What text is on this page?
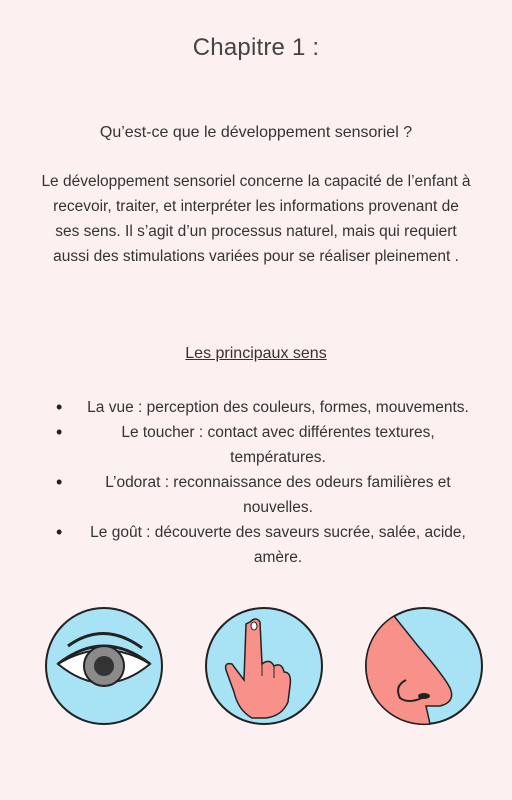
Chapitre 1 :
Qu’est-ce que le développement sensoriel ?
Le développement sensoriel concerne la capacité de l’enfant à recevoir, traiter, et interpréter les informations provenant de ses sens. Il s’agit d’un processus naturel, mais qui requiert aussi des stimulations variées pour se réaliser pleinement .
Les principaux sens
• La vue : perception des couleurs, formes, mouvements.
• Le toucher : contact avec différentes textures, températures.
• L’odorat : reconnaissance des odeurs familières et nouvelles.
• Le goût : découverte des saveurs sucrée, salée, acide, amère.
